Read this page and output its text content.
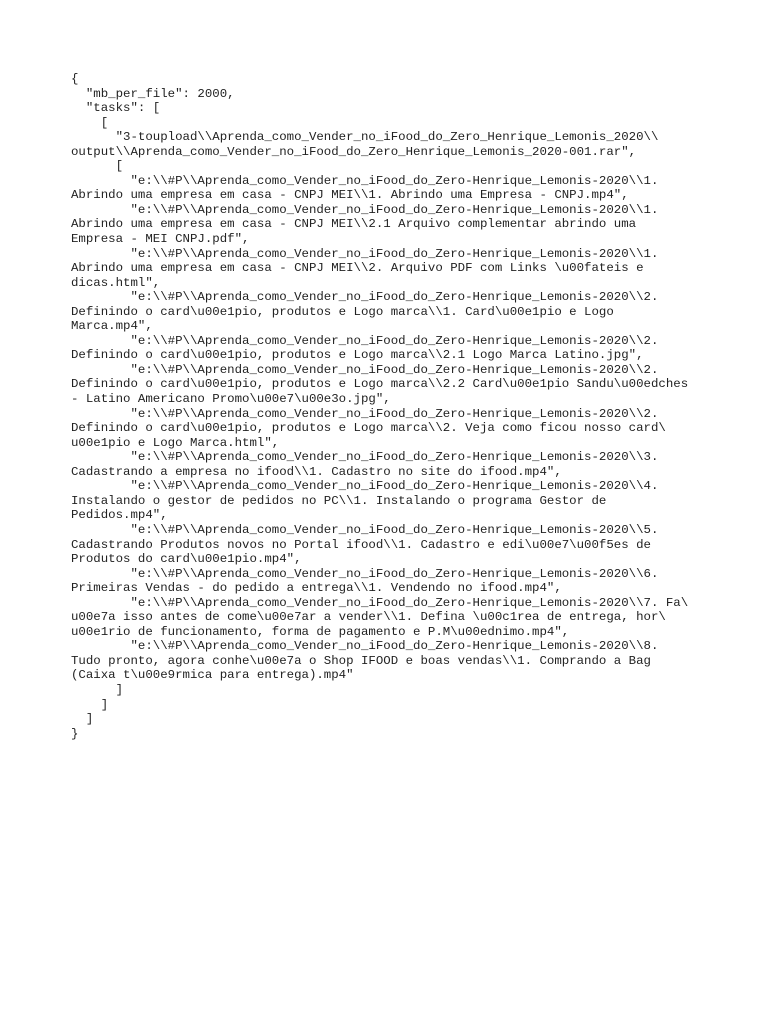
{
"mb_per_file": 2000,
"tasks": [
[
"3-toupload\\Aprenda_como_Vender_no_iFood_do_Zero_Henrique_Lemonis_2020\\
output\\Aprenda_como_Vender_no_iFood_do_Zero_Henrique_Lemonis_2020-001.rar",
[
"e:\\#P\\Aprenda_como_Vender_no_iFood_do_Zero-Henrique_Lemonis-2020\\1.
Abrindo uma empresa em casa - CNPJ MEI\\1. Abrindo uma Empresa - CNPJ.mp4",
"e:\\#P\\Aprenda_como_Vender_no_iFood_do_Zero-Henrique_Lemonis-2020\\1.
Abrindo uma empresa em casa - CNPJ MEI\\2.1 Arquivo complementar abrindo uma
Empresa - MEI CNPJ.pdf",
"e:\\#P\\Aprenda_como_Vender_no_iFood_do_Zero-Henrique_Lemonis-2020\\1.
Abrindo uma empresa em casa - CNPJ MEI\\2. Arquivo PDF com Links \u00fateis e
dicas.html",
"e:\\#P\\Aprenda_como_Vender_no_iFood_do_Zero-Henrique_Lemonis-2020\\2.
Definindo o card\u00e1pio, produtos e Logo marca\\1. Card\u00e1pio e Logo
Marca.mp4",
"e:\\#P\\Aprenda_como_Vender_no_iFood_do_Zero-Henrique_Lemonis-2020\\2.
Definindo o card\u00e1pio, produtos e Logo marca\\2.1 Logo Marca Latino.jpg",
"e:\\#P\\Aprenda_como_Vender_no_iFood_do_Zero-Henrique_Lemonis-2020\\2.
Definindo o card\u00e1pio, produtos e Logo marca\\2.2 Card\u00e1pio Sandu\u00edches
- Latino Americano Promo\u00e7\u00e3o.jpg",
"e:\\#P\\Aprenda_como_Vender_no_iFood_do_Zero-Henrique_Lemonis-2020\\2.
Definindo o card\u00e1pio, produtos e Logo marca\\2. Veja como ficou nosso card\
u00e1pio e Logo Marca.html",
"e:\\#P\\Aprenda_como_Vender_no_iFood_do_Zero-Henrique_Lemonis-2020\\3.
Cadastrando a empresa no ifood\\1. Cadastro no site do ifood.mp4",
"e:\\#P\\Aprenda_como_Vender_no_iFood_do_Zero-Henrique_Lemonis-2020\\4.
Instalando o gestor de pedidos no PC\\1. Instalando o programa Gestor de
Pedidos.mp4",
"e:\\#P\\Aprenda_como_Vender_no_iFood_do_Zero-Henrique_Lemonis-2020\\5.
Cadastrando Produtos novos no Portal ifood\\1. Cadastro e edi\u00e7\u00f5es de
Produtos do card\u00e1pio.mp4",
"e:\\#P\\Aprenda_como_Vender_no_iFood_do_Zero-Henrique_Lemonis-2020\\6.
Primeiras Vendas - do pedido a entrega\\1. Vendendo no ifood.mp4",
"e:\\#P\\Aprenda_como_Vender_no_iFood_do_Zero-Henrique_Lemonis-2020\\7. Fa\
u00e7a isso antes de come\u00e7ar a vender\\1. Defina \u00c1rea de entrega, hor\
u00e1rio de funcionamento, forma de pagamento e P.M\u00ednimo.mp4",
"e:\\#P\\Aprenda_como_Vender_no_iFood_do_Zero-Henrique_Lemonis-2020\\8.
Tudo pronto, agora conhe\u00e7a o Shop IFOOD e boas vendas\\1. Comprando a Bag
(Caixa t\u00e9rmica para entrega).mp4"
]
]
]
}
